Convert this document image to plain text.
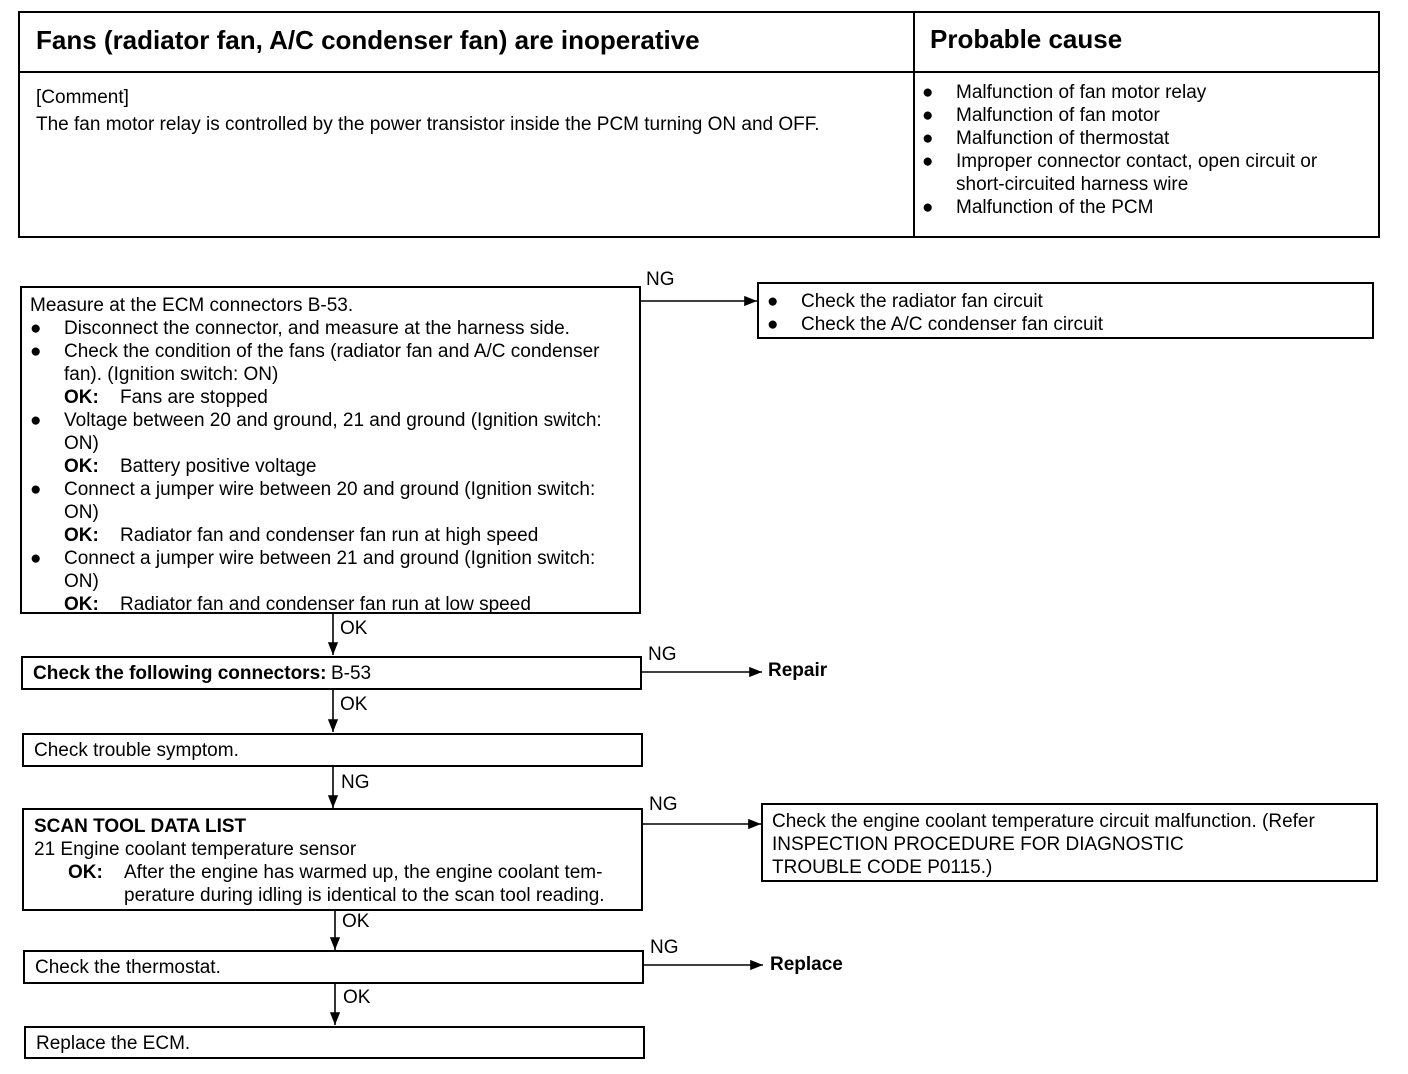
Fans (radiator fan, A/C condenser fan) are inoperative	Probable cause
[Comment]
The fan motor relay is controlled by the power transistor inside the PCM turning ON and OFF.
● Malfunction of fan motor relay
● Malfunction of fan motor
● Malfunction of thermostat
● Improper connector contact, open circuit or
short-circuited harness wire
● Malfunction of the PCM
Measure at the ECM connectors B-53.
● Disconnect the connector, and measure at the harness side.
● Check the condition of the fans (radiator fan and A/C condenser
fan). (Ignition switch: ON)
OK:	Fans are stopped
● Voltage between 20 and ground, 21 and ground (Ignition switch:
ON)
OK:	Battery positive voltage
● Connect a jumper wire between 20 and ground (Ignition switch:
ON)
OK:	Radiator fan and condenser fan run at high speed
● Connect a jumper wire between 21 and ground (Ignition switch:
ON)
OK:	Radiator fan and condenser fan run at low speed
NG
● Check the radiator fan circuit
● Check the A/C condenser fan circuit
OK
Check the following connectors: B-53
NG
Repair
OK
Check trouble symptom.
NG
SCAN TOOL DATA LIST
21 Engine coolant temperature sensor
OK:	After the engine has warmed up, the engine coolant tem-
perature during idling is identical to the scan tool reading.
NG
Check the engine coolant temperature circuit malfunction. (Refer
INSPECTION PROCEDURE FOR DIAGNOSTIC
TROUBLE CODE P0115.)
OK
Check the thermostat.
NG
Replace
OK
Replace the ECM.
